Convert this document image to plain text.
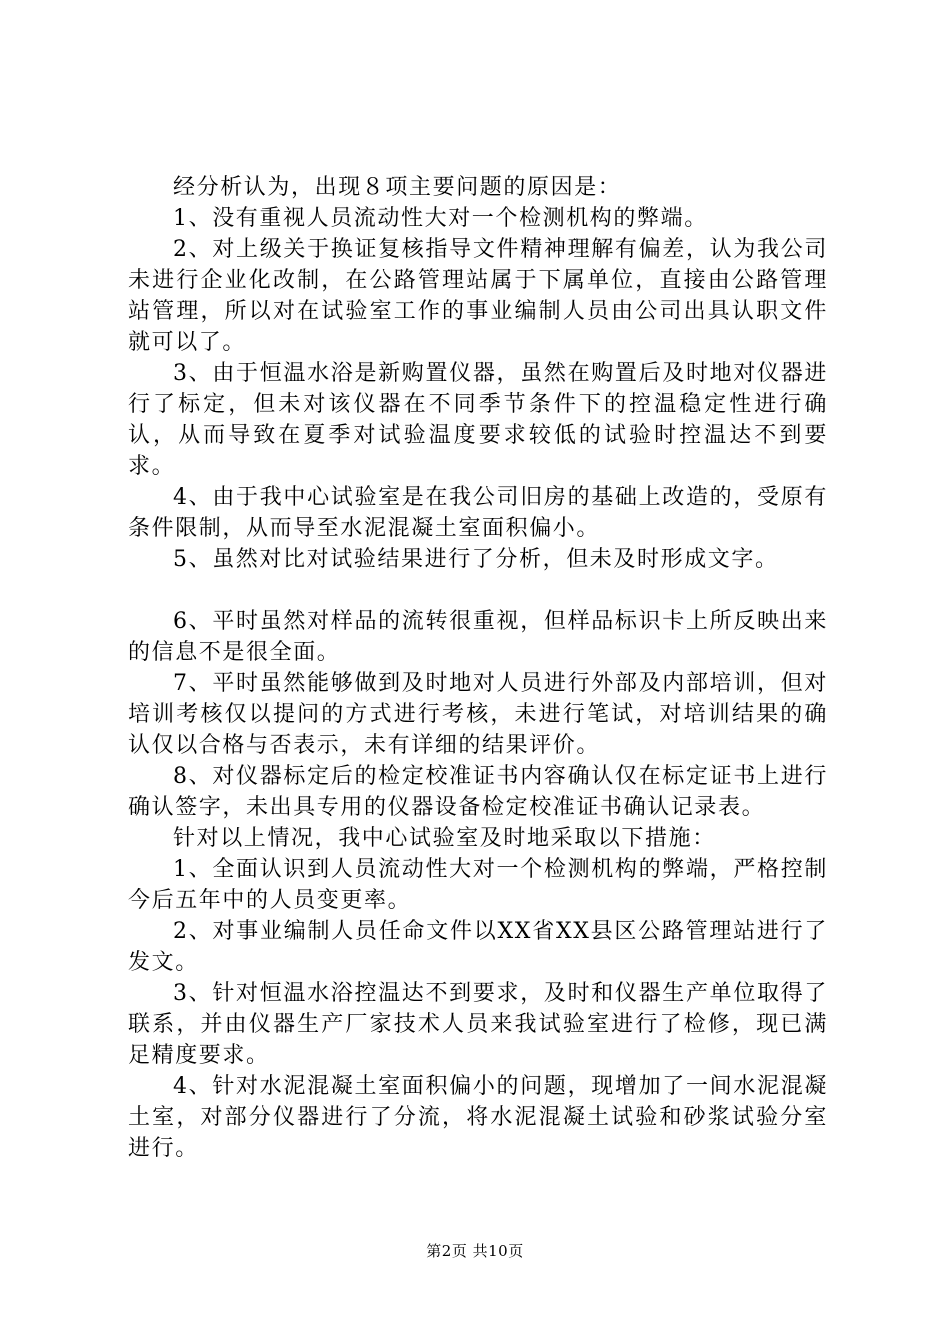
经分析认为，出现８项主要问题的原因是：

1、没有重视人员流动性大对一个检测机构的弊端。

2、对上级关于换证复核指导文件精神理解有偏差，认为我公司未进行企业化改制，在公路管理站属于下属单位，直接由公路管理站管理，所以对在试验室工作的事业编制人员由公司出具认职文件就可以了。

3、由于恒温水浴是新购置仪器，虽然在购置后及时地对仪器进行了标定，但未对该仪器在不同季节条件下的控温稳定性进行确认，从而导致在夏季对试验温度要求较低的试验时控温达不到要求。

4、由于我中心试验室是在我公司旧房的基础上改造的，受原有条件限制，从而导至水泥混凝土室面积偏小。

5、虽然对比对试验结果进行了分析，但未及时形成文字。

6、平时虽然对样品的流转很重视，但样品标识卡上所反映出来的信息不是很全面。

7、平时虽然能够做到及时地对人员进行外部及内部培训，但对培训考核仅以提问的方式进行考核，未进行笔试，对培训结果的确认仅以合格与否表示，未有详细的结果评价。

8、对仪器标定后的检定校准证书内容确认仅在标定证书上进行确认签字，未出具专用的仪器设备检定校准证书确认记录表。

针对以上情况，我中心试验室及时地采取以下措施：

1、全面认识到人员流动性大对一个检测机构的弊端，严格控制今后五年中的人员变更率。

2、对事业编制人员任命文件以XX省XX县区公路管理站进行了发文。

3、针对恒温水浴控温达不到要求，及时和仪器生产单位取得了联系，并由仪器生产厂家技术人员来我试验室进行了检修，现已满足精度要求。

4、针对水泥混凝土室面积偏小的问题，现增加了一间水泥混凝土室，对部分仪器进行了分流，将水泥混凝土试验和砂浆试验分室进行。

第2页 共10页
